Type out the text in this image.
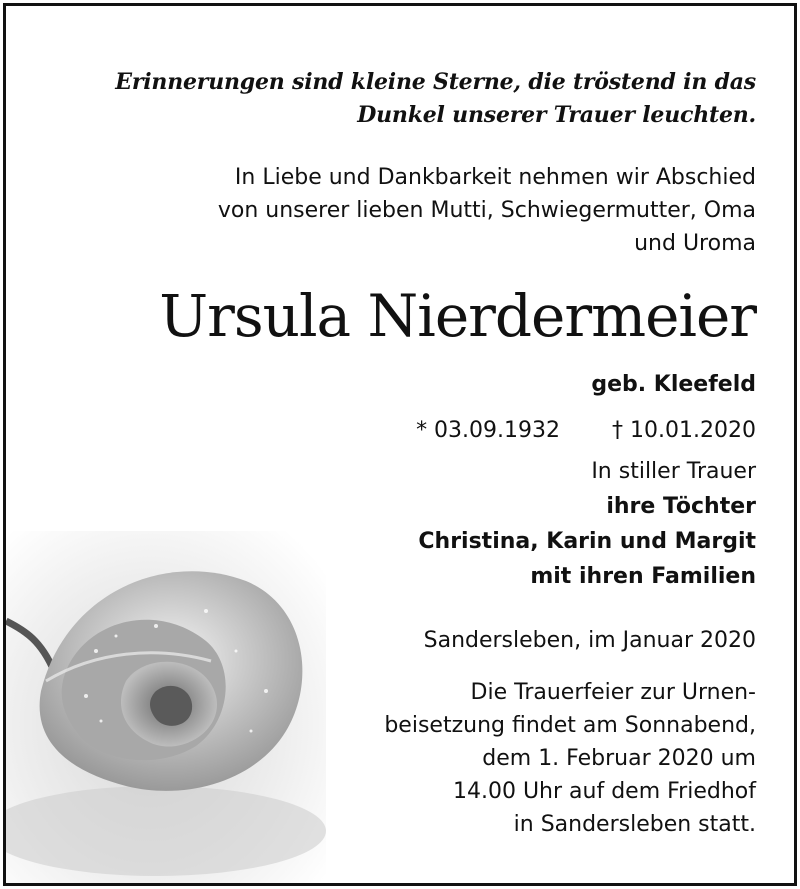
Erinnerungen sind kleine Sterne, die tröstend in das
Dunkel unserer Trauer leuchten.
In Liebe und Dankbarkeit nehmen wir Abschied
von unserer lieben Mutti, Schwiegermutter, Oma
und Uroma
Ursula Nierdermeier
geb. Kleefeld
* 03.09.1932 † 10.01.2020
In stiller Trauer
ihre Töchter
Christina, Karin und Margit
mit ihren Familien
Sandersleben, im Januar 2020
Die Trauerfeier zur Urnen-
beisetzung findet am Sonnabend,
dem 1. Februar 2020 um
14.00 Uhr auf dem Friedhof
in Sandersleben statt.
